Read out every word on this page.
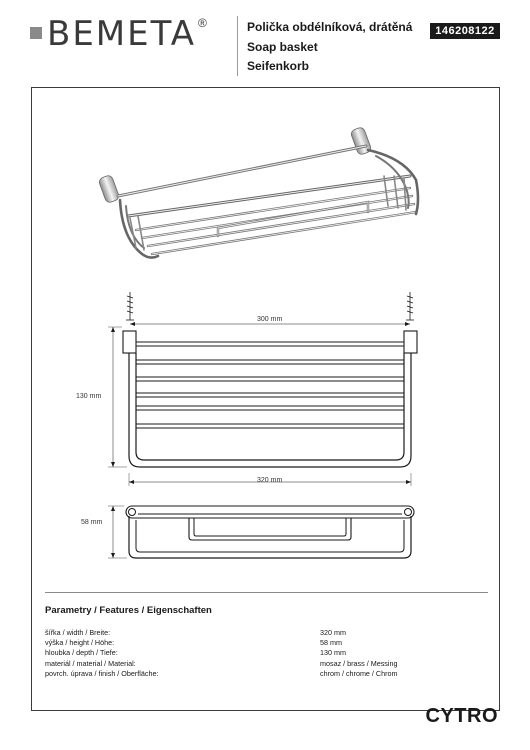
BEMETA ®	Polička obdélníková, drátěná
Soap basket
Seifenkorb
146208122
300 mm
130 mm
320 mm
58 mm
Parametry / Features / Eigenschaften
šířka / width / Breite:	320 mm
výška / height / Höhe:	58 mm
hloubka / depth / Tiefe:	130 mm
materiál / material / Material:	mosaz / brass / Messing
povrch. úprava / finish / Oberfläche:	chrom / chrome / Chrom
CYTRO
